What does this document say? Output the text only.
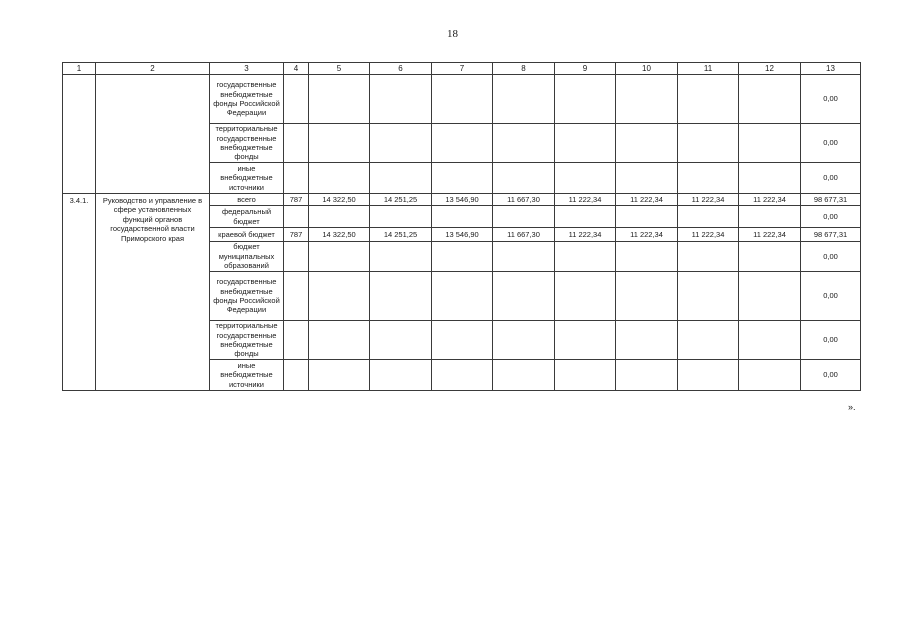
18
1	2	3	4	5	6	7	8	9	10	11	12	13
		государственные внебюджетные фонды Российской Федерации										0,00
		территориальные государственные внебюджетные фонды										0,00
		иные внебюджетные источники										0,00
3.4.1.	Руководство и управление в сфере установленных функций органов государственной власти Приморского края	всего	787	14 322,50	14 251,25	13 546,90	11 667,30	11 222,34	11 222,34	11 222,34	11 222,34	98 677,31
		федеральный бюджет										0,00
		краевой бюджет	787	14 322,50	14 251,25	13 546,90	11 667,30	11 222,34	11 222,34	11 222,34	11 222,34	98 677,31
		бюджет муниципальных образований										0,00
		государственные внебюджетные фонды Российской Федерации										0,00
		территориальные государственные внебюджетные фонды										0,00
		иные внебюджетные источники										0,00
».
